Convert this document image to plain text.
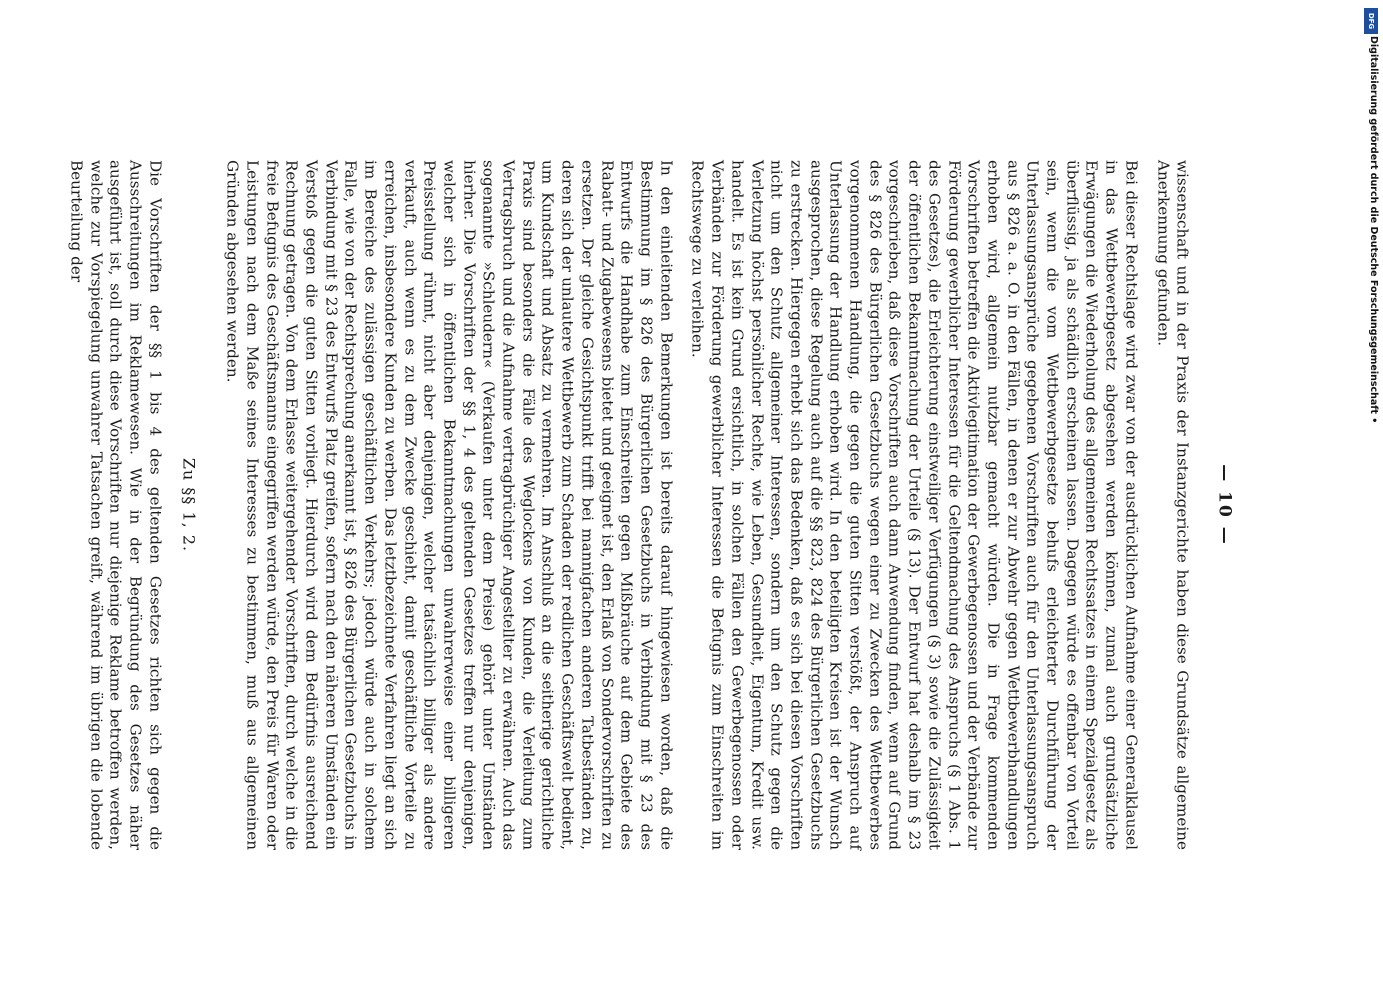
— 10 —

wissenschaft und in der Praxis der Instanzgerichte haben diese Grundsätze allgemeine Anerkennung gefunden.

Bei dieser Rechtslage wird zwar von der ausdrücklichen Aufnahme einer Generalklausel in das Wettbewerbgesetz abgesehen werden können, zumal auch grundsätzliche Erwägungen die Wiederholung des allgemeinen Rechtssatzes in einem Spezialgesetz als überflüssig, ja als schädlich erscheinen lassen. Dagegen würde es offenbar von Vorteil sein, wenn die vom Wettbewerbgesetze behufs erleichterter Durchführung der Unterlassungsansprüche gegebenen Vorschriften auch für den Unterlassungsanspruch aus § 826 a. a. O. in den Fällen, in denen er zur Abwehr gegen Wettbewerbhandlungen erhoben wird, allgemein nutzbar gemacht würden. Die in Frage kommenden Vorschriften betreffen die Aktivlegitimation der Gewerbegenossen und der Verbände zur Förderung gewerblicher Interessen für die Geltendmachung des Anspruchs (§ 1 Abs. 1 des Gesetzes), die Erleichterung einstweiliger Verfügungen (§ 3) sowie die Zulässigkeit der öffentlichen Bekanntmachung der Urteile (§ 13). Der Entwurf hat deshalb im § 23 vorgeschrieben, daß diese Vorschriften auch dann Anwendung finden, wenn auf Grund des § 826 des Bürgerlichen Gesetzbuchs wegen einer zu Zwecken des Wettbewerbes vorgenommenen Handlung, die gegen die guten Sitten verstößt, der Anspruch auf Unterlassung der Handlung erhoben wird. In den beteiligten Kreisen ist der Wunsch ausgesprochen, diese Regelung auch auf die §§ 823, 824 des Bürgerlichen Gesetzbuchs zu erstrecken. Hiergegen erhebt sich das Bedenken, daß es sich bei diesen Vorschriften nicht um den Schutz allgemeiner Interessen, sondern um den Schutz gegen die Verletzung höchst persönlicher Rechte, wie Leben, Gesundheit, Eigentum, Kredit usw. handelt. Es ist kein Grund ersichtlich, in solchen Fällen den Gewerbegenossen oder Verbänden zur Förderung gewerblicher Interessen die Befugnis zum Einschreiten im Rechtswege zu verleihen.

In den einleitenden Bemerkungen ist bereits darauf hingewiesen worden, daß die Bestimmung im § 826 des Bürgerlichen Gesetzbuchs in Verbindung mit § 23 des Entwurfs die Handhabe zum Einschreiten gegen Mißbräuche auf dem Gebiete des Rabatt- und Zugabewesens bietet und geeignet ist, den Erlaß von Sondervorschriften zu ersetzen. Der gleiche Gesichtspunkt trifft bei mannigfachen anderen Tatbeständen zu, deren sich der unlautere Wettbewerb zum Schaden der redlichen Geschäftswelt bedient, um Kundschaft und Absatz zu vermehren. Im Anschluß an die seitherige gerichtliche Praxis sind besonders die Fälle des Weglockens von Kunden, die Verleitung zum Vertragsbruch und die Aufnahme vertragbrüchiger Angestellter zu erwähnen. Auch das sogenannte »Schleudern« (Verkaufen unter dem Preise) gehört unter Umständen hierher. Die Vorschriften der §§ 1, 4 des geltenden Gesetzes treffen nur denjenigen, welcher sich in öffentlichen Bekanntmachungen unwahrerweise einer billigeren Preisstellung rühmt, nicht aber denjenigen, welcher tatsächlich billiger als andere verkauft, auch wenn es zu dem Zwecke geschieht, damit geschäftliche Vorteile zu erreichen, insbesondere Kunden zu werben. Das letztbezeichnete Verfahren liegt an sich im Bereiche des zulässigen geschäftlichen Verkehrs; jedoch würde auch in solchem Falle, wie von der Rechtsprechung anerkannt ist, § 826 des Bürgerlichen Gesetzbuchs in Verbindung mit § 23 des Entwurfs Platz greifen, sofern nach den näheren Umständen ein Verstoß gegen die guten Sitten vorliegt. Hierdurch wird dem Bedürfnis ausreichend Rechnung getragen. Von dem Erlasse weitergehender Vorschriften, durch welche in die freie Befugnis des Geschäftsmanns eingegriffen werden würde, den Preis für Waren oder Leistungen nach dem Maße seines Interesses zu bestimmen, muß aus allgemeinen Gründen abgesehen werden.

Zu §§ 1, 2.

Die Vorschriften der §§ 1 bis 4 des geltenden Gesetzes richten sich gegen die Ausschreitungen im Reklamewesen. Wie in der Begründung des Gesetzes näher ausgeführt ist, soll durch diese Vorschriften nur diejenige Reklame betroffen werden, welche zur Vorspiegelung unwahrer Tatsachen greift, während im übrigen die lobende Beurteilung der

DFG
Digitalisierung gefördert durch die Deutsche Forschungsgemeinschaft •
